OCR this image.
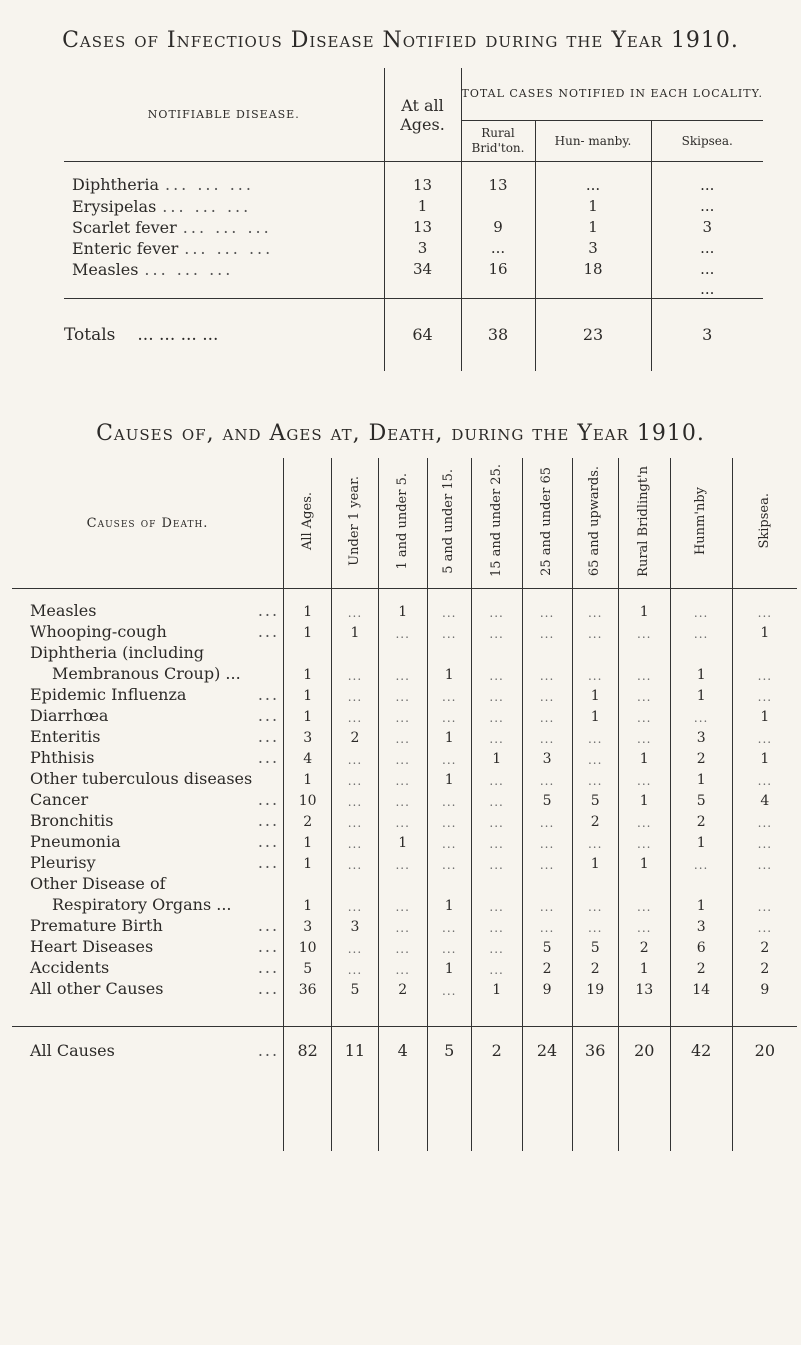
Cases of Infectious Disease Notified during the Year 1910.
NOTIFIABLE DISEASE.	At all Ages.	TOTAL CASES NOTIFIED IN EACH LOCALITY.		
		Rural Brid'ton.	Hun- manby.	Skipsea.
Diphtheria ... ... ...	13	13	...	...
Erysipelas ... ... ...	1		1	...
Scarlet fever ... ... ...	13	9	1	3
Enteric fever ... ... ...	3	...	3	...
Measles ... ... ...	34	16	18	...
				...
Totals ... ... ... ...	64	38	23	3
Causes of, and Ages at, Death, during the Year 1910.
Causes of Death.	All Ages.	Under 1 year.	1 and under 5.	5 and under 15.	15 and under 25.	25 and under 65	65 and upwards.	Rural Bridlingt'n	Hunm'nby	Skipsea.
Measles ...	1	...	1	...	...	...	...	1	...	...
Whooping-cough ...	1	1	...	...	...	...	...	...	...	1
Diphtheria (including										
Membranous Croup) ...	1	...	...	1	...	...	...	...	1	...
Epidemic Influenza ...	1	...	...	...	...	...	1	...	1	...
Diarrhœa ...	1	...	...	...	...	...	1	...	...	1
Enteritis ...	3	2	...	1	...	...	...	...	3	...
Phthisis ...	4	...	...	...	1	3	...	1	2	1
Other tuberculous diseases	1	...	...	1	...	...	...	...	1	...
Cancer ...	10	...	...	...	...	5	5	1	5	4
Bronchitis ...	2	...	...	...	...	...	2	...	2	...
Pneumonia ...	1	...	1	...	...	...	...	...	1	...
Pleurisy ...	1	...	...	...	...	...	1	1	...	...
Other Disease of										
Respiratory Organs ...	1	...	...	1	...	...	...	...	1	...
Premature Birth ...	3	3	...	...	...	...	...	...	3	...
Heart Diseases ...	10	...	...	...	...	5	5	2	6	2
Accidents ...	5	...	...	1	...	2	2	1	2	2
All other Causes ...	36	5	2	...	1	9	19	13	14	9

All Causes ...	82	11	4	5	2	24	36	20	42	20
